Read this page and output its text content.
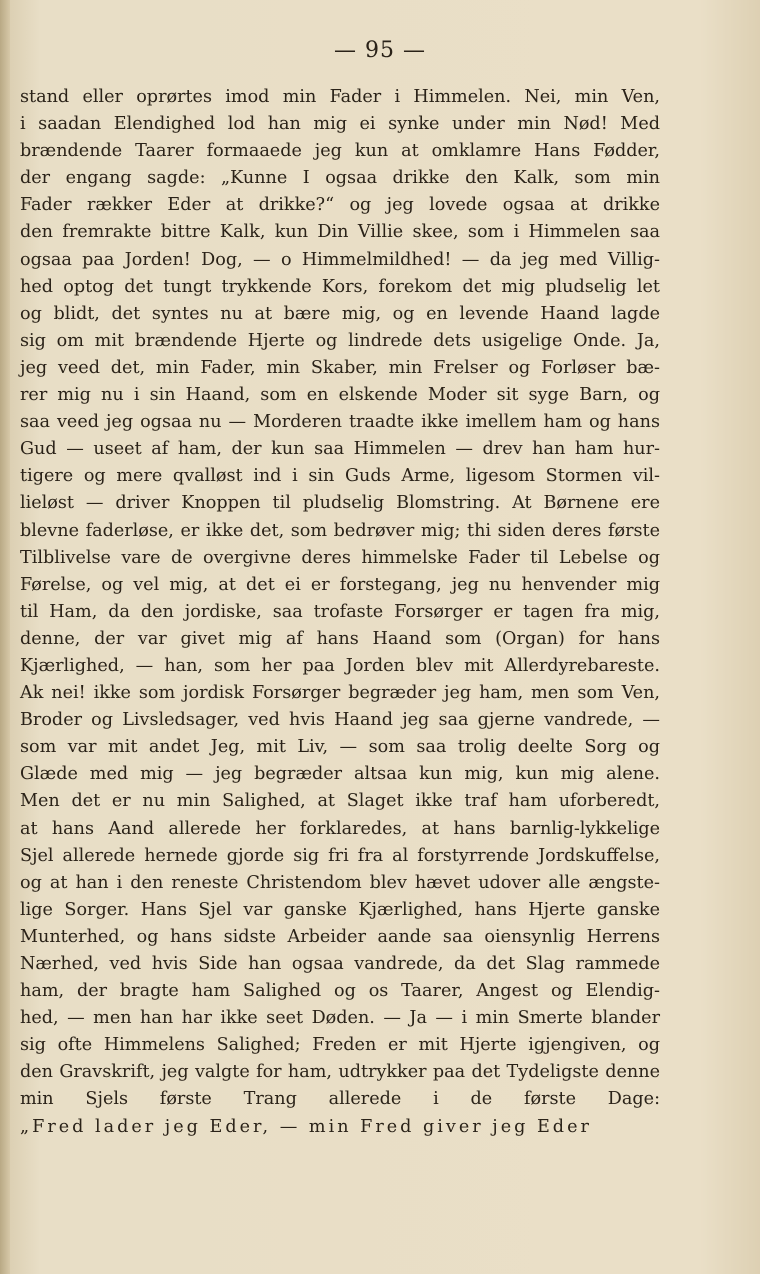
— 95 —
stand eller oprørtes imod min Fader i Himmelen. Nei, min Ven,
i saadan Elendighed lod han mig ei synke under min Nød! Med
brændende Taarer formaaede jeg kun at omklamre Hans Fødder,
der engang sagde: „Kunne I ogsaa drikke den Kalk, som min
Fader rækker Eder at drikke?“ og jeg lovede ogsaa at drikke
den fremrakte bittre Kalk, kun Din Villie skee, som i Himmelen saa
ogsaa paa Jorden! Dog, — o Himmelmildhed! — da jeg med Villig-
hed optog det tungt trykkende Kors, forekom det mig pludselig let
og blidt, det syntes nu at bære mig, og en levende Haand lagde
sig om mit brændende Hjerte og lindrede dets usigelige Onde. Ja,
jeg veed det, min Fader, min Skaber, min Frelser og Forløser bæ-
rer mig nu i sin Haand, som en elskende Moder sit syge Barn, og
saa veed jeg ogsaa nu — Morderen traadte ikke imellem ham og hans
Gud — useet af ham, der kun saa Himmelen — drev han ham hur-
tigere og mere qvalløst ind i sin Guds Arme, ligesom Stormen vil-
lieløst — driver Knoppen til pludselig Blomstring. At Børnene ere
blevne faderløse, er ikke det, som bedrøver mig; thi siden deres første
Tilblivelse vare de overgivne deres himmelske Fader til Lebelse og
Førelse, og vel mig, at det ei er forstegang, jeg nu henvender mig
til Ham, da den jordiske, saa trofaste Forsørger er tagen fra mig,
denne, der var givet mig af hans Haand som (Organ) for hans
Kjærlighed, — han, som her paa Jorden blev mit Allerdyrebareste.
Ak nei! ikke som jordisk Forsørger begræder jeg ham, men som Ven,
Broder og Livsledsager, ved hvis Haand jeg saa gjerne vandrede, —
som var mit andet Jeg, mit Liv, — som saa trolig deelte Sorg og
Glæde med mig — jeg begræder altsaa kun mig, kun mig alene.
Men det er nu min Salighed, at Slaget ikke traf ham uforberedt,
at hans Aand allerede her forklaredes, at hans barnlig-lykkelige
Sjel allerede hernede gjorde sig fri fra al forstyrrende Jordskuffelse,
og at han i den reneste Christendom blev hævet udover alle ængste-
lige Sorger. Hans Sjel var ganske Kjærlighed, hans Hjerte ganske
Munterhed, og hans sidste Arbeider aande saa oiensynlig Herrens
Nærhed, ved hvis Side han ogsaa vandrede, da det Slag rammede
ham, der bragte ham Salighed og os Taarer, Angest og Elendig-
hed, — men han har ikke seet Døden. — Ja — i min Smerte blander
sig ofte Himmelens Salighed; Freden er mit Hjerte igjengiven, og
den Gravskrift, jeg valgte for ham, udtrykker paa det Tydeligste denne
min Sjels første Trang allerede i de første Dage:
„Fred lader jeg Eder, — min Fred giver jeg Eder
